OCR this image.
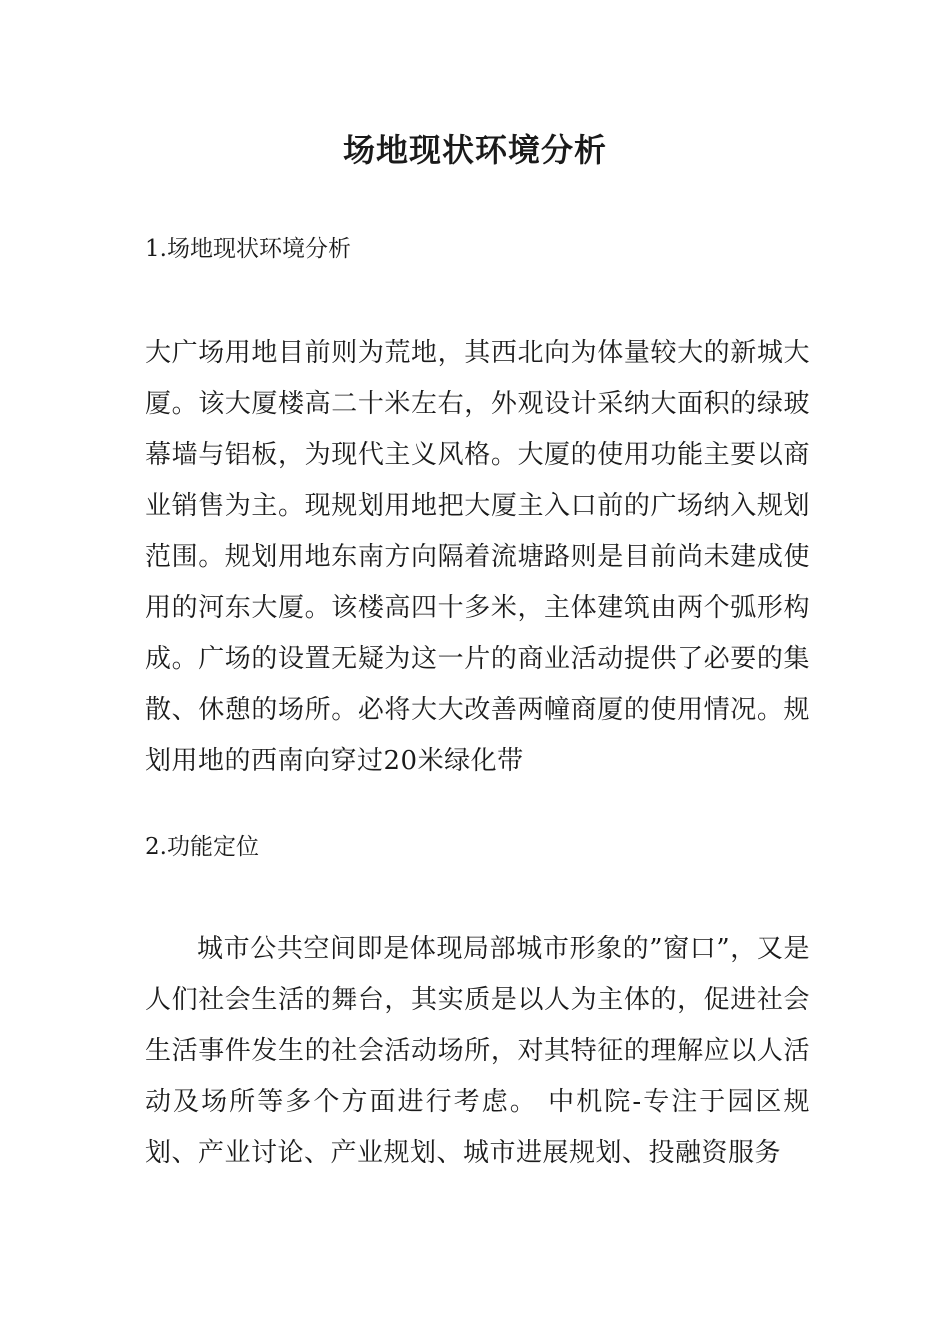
场地现状环境分析
1.场地现状环境分析
大广场用地目前则为荒地，其西北向为体量较大的新城大厦。该大厦楼高二十米左右，外观设计采纳大面积的绿玻幕墙与铝板，为现代主义风格。大厦的使用功能主要以商业销售为主。现规划用地把大厦主入口前的广场纳入规划范围。规划用地东南方向隔着流塘路则是目前尚未建成使用的河东大厦。该楼高四十多米，主体建筑由两个弧形构成。广场的设置无疑为这一片的商业活动提供了必要的集散、休憩的场所。必将大大改善两幢商厦的使用情况。规划用地的西南向穿过20米绿化带
2.功能定位
城市公共空间即是体现局部城市形象的”窗口”，又是人们社会生活的舞台，其实质是以人为主体的，促进社会生活事件发生的社会活动场所，对其特征的理解应以人活动及场所等多个方面进行考虑。 中机院-专注于园区规划、产业讨论、产业规划、城市进展规划、投融资服务
